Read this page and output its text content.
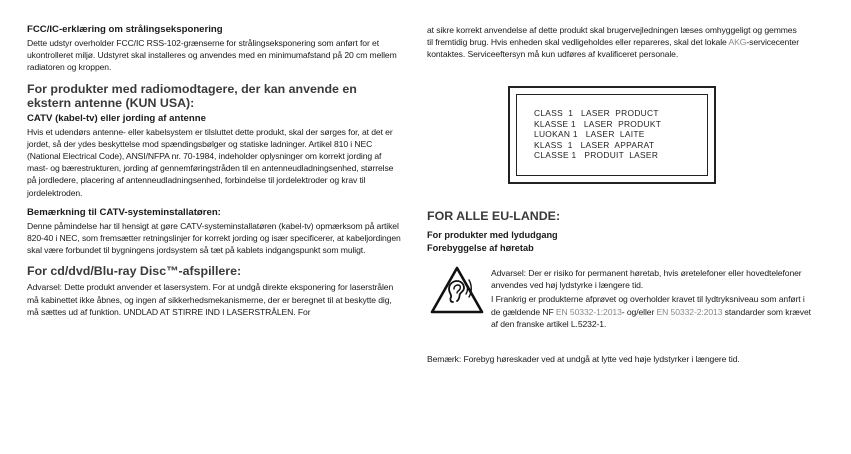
FCC/IC-erklæring om strålingseksponering
Dette udstyr overholder FCC/IC RSS-102-grænserne for strålingseksponering som anført for et ukontrolleret miljø. Udstyret skal installeres og anvendes med en minimumafstand på 20 cm mellem radiatoren og kroppen.
For produkter med radiomodtagere, der kan anvende en ekstern antenne (KUN USA):
CATV (kabel-tv) eller jording af antenne
Hvis et udendørs antenne- eller kabelsystem er tilsluttet dette produkt, skal der sørges for, at det er jordet, så der ydes beskyttelse mod spændingsbølger og statiske ladninger. Artikel 810 i NEC (National Electrical Code), ANSI/NFPA nr. 70-1984, indeholder oplysninger om korrekt jording af mast- og bærestrukturen, jording af gennemføringstråden til en antenneudladningsenhed, størrelse på jordledere, placering af antenneudladningsenhed, forbindelse til jordelektroder og krav til jordelektroden.
Bemærkning til CATV-systeminstallatøren:
Denne påmindelse har til hensigt at gøre CATV-systeminstallatøren (kabel-tv) opmærksom på artikel 820-40 i NEC, som fremsætter retningslinjer for korrekt jording og især specificerer, at kabeljordingen skal være forbundet til bygningens jordsystem så tæt på kablets indgangspunkt som muligt.
For cd/dvd/Blu-ray Disc™-afspillere:
Advarsel: Dette produkt anvender et lasersystem. For at undgå direkte eksponering for laserstrålen må kabinettet ikke åbnes, og ingen af sikkerhedsmekanismerne, der er beregnet til at beskytte dig, må sættes ud af funktion. UNDLAD AT STIRRE IND I LASERSTRÅLEN. For
at sikre korrekt anvendelse af dette produkt skal brugervejledningen læses omhyggeligt og gemmes til fremtidig brug. Hvis enheden skal vedligeholdes eller repareres, skal det lokale AKG-servicecenter kontaktes. Serviceeftersyn må kun udføres af kvalificeret personale.
CLASS  1   LASER  PRODUCT
KLASSE 1   LASER  PRODUKT
LUOKAN 1   LASER  LAITE
KLASS  1   LASER  APPARAT
CLASSE 1   PRODUIT  LASER
FOR ALLE EU-LANDE:
For produkter med lydudgang
Forebyggelse af høretab
Advarsel: Der er risiko for permanent høretab, hvis øretelefoner eller hovedtelefoner anvendes ved høj lydstyrke i længere tid.
I Frankrig er produkterne afprøvet og overholder kravet til lydtryksniveau som anført i de gældende NF EN 50332-1:2013- og/eller EN 50332-2:2013 standarder som krævet af den franske artikel L.5232-1.
Bemærk: Forebyg høreskader ved at undgå at lytte ved høje lydstyrker i længere tid.
